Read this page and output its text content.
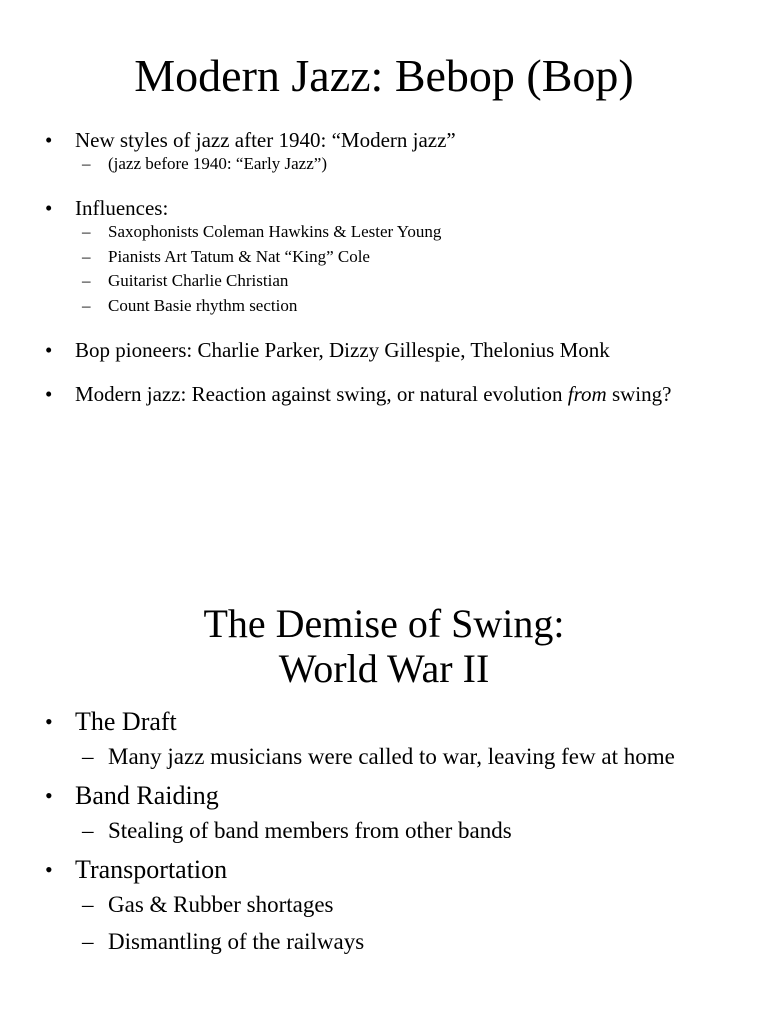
Modern Jazz: Bebop (Bop)
• New styles of jazz after 1940: “Modern jazz”
– (jazz before 1940: “Early Jazz”)
• Influences:
– Saxophonists Coleman Hawkins & Lester Young
– Pianists Art Tatum & Nat “King” Cole
– Guitarist Charlie Christian
– Count Basie rhythm section
• Bop pioneers: Charlie Parker, Dizzy Gillespie, Thelonius Monk
• Modern jazz: Reaction against swing, or natural evolution from swing?
The Demise of Swing:
World War II
• The Draft
– Many jazz musicians were called to war, leaving few at home
• Band Raiding
– Stealing of band members from other bands
• Transportation
– Gas & Rubber shortages
– Dismantling of the railways
